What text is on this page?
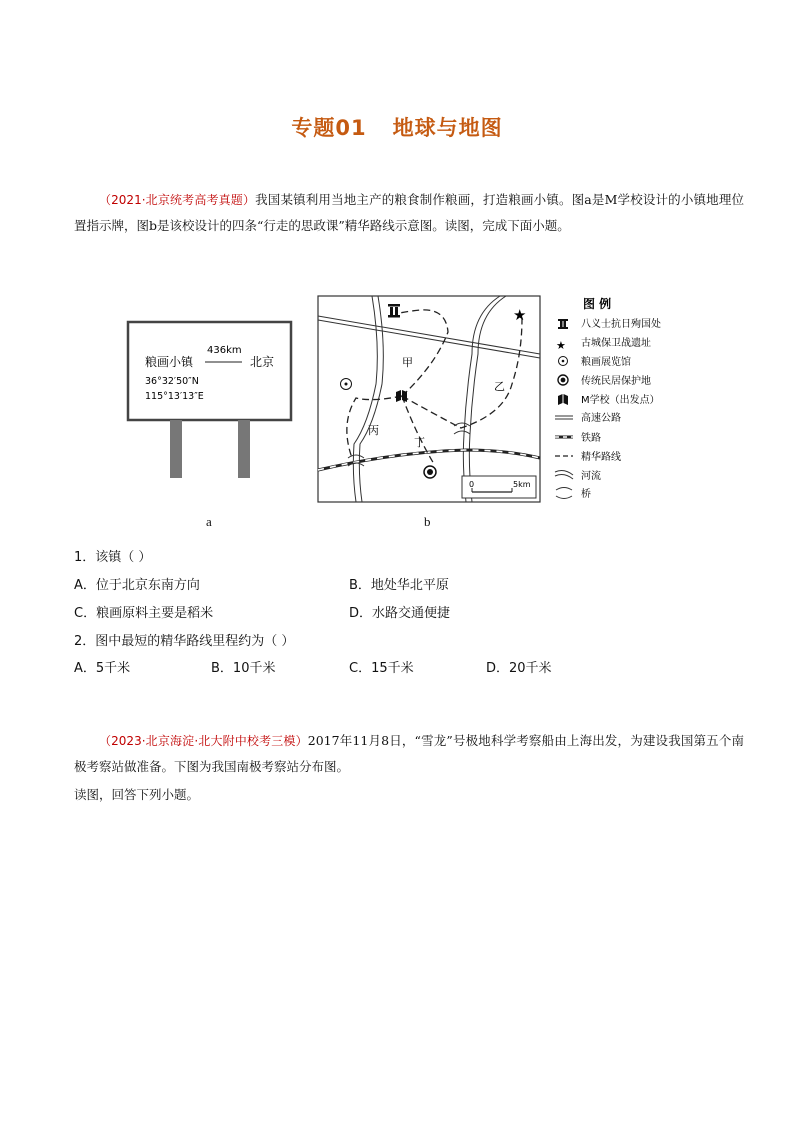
专题01 地球与地图
（2021·北京统考高考真题）我国某镇利用当地主产的粮食制作粮画，打造粮画小镇。图a是M学校设计的小镇地理位置指示牌，图b是该校设计的四条“行走的思政课”精华路线示意图。读图，完成下面小题。
粮画小镇
436km
北京
36°32′50″N
115°13′13″E
a
★
甲
乙
丙
丁
0	5km
b
图 例
★
八义士抗日殉国处
古城保卫战遗址
粮画展览馆
传统民居保护地
M学校（出发点）
高速公路
铁路
精华路线
河流
桥
1．该镇（ ）
A．位于北京东南方向	B．地处华北平原
C．粮画原料主要是稻米	D．水路交通便捷
2．图中最短的精华路线里程约为（ ）
A．5千米	B．10千米	C．15千米	D．20千米
（2023·北京海淀·北大附中校考三模）2017年11月8日，“雪龙”号极地科学考察船由上海出发，为建设我国第五个南极考察站做准备。下图为我国南极考察站分布图。
读图，回答下列小题。
